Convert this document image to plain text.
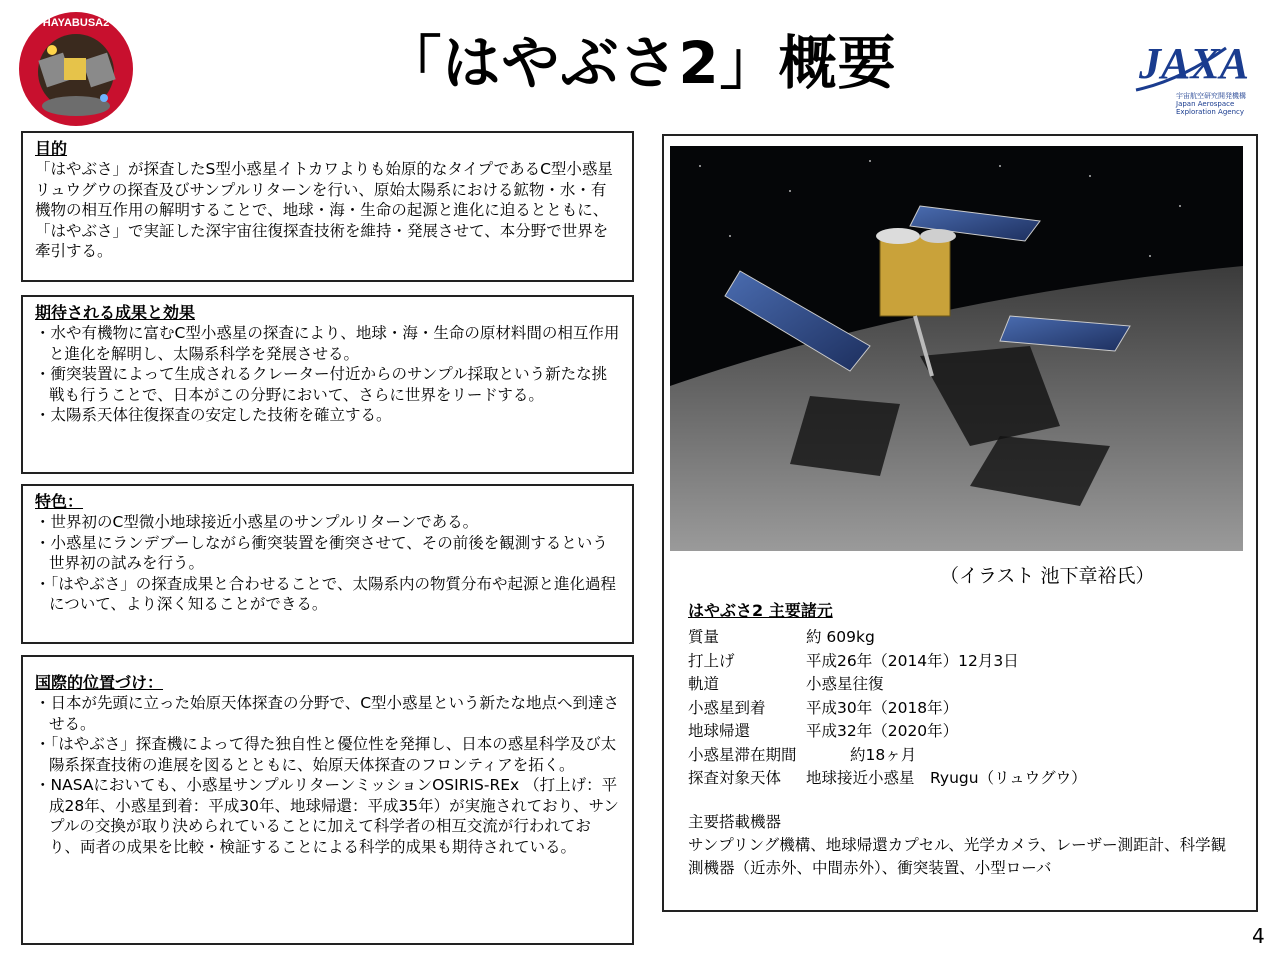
HAYABUSA2
「はやぶさ2」概要	JAXA
宇宙航空研究開発機構
Japan Aerospace Exploration Agency
目的
「はやぶさ」が探査したS型小惑星イトカワよりも始原的なタイプであるC型小惑星リュウグウの探査及びサンプルリターンを行い、原始太陽系における鉱物・水・有機物の相互作用の解明することで、地球・海・生命の起源と進化に迫るとともに、「はやぶさ」で実証した深宇宙往復探査技術を維持・発展させて、本分野で世界を牽引する。
期待される成果と効果
・水や有機物に富むC型小惑星の探査により、地球・海・生命の原材料間の相互作用と進化を解明し、太陽系科学を発展させる。
・衝突装置によって生成されるクレーター付近からのサンプル採取という新たな挑戦も行うことで、日本がこの分野において、さらに世界をリードする。
・太陽系天体往復探査の安定した技術を確立する。
特色：
・世界初のC型微小地球接近小惑星のサンプルリターンである。
・小惑星にランデブーしながら衝突装置を衝突させて、その前後を観測するという世界初の試みを行う。
・「はやぶさ」の探査成果と合わせることで、太陽系内の物質分布や起源と進化過程について、より深く知ることができる。
国際的位置づけ：
・日本が先頭に立った始原天体探査の分野で、C型小惑星という新たな地点へ到達させる。
・「はやぶさ」探査機によって得た独自性と優位性を発揮し、日本の惑星科学及び太陽系探査技術の進展を図るとともに、始原天体探査のフロンティアを拓く。
・NASAにおいても、小惑星サンプルリターンミッションOSIRIS-REx （打上げ：平成28年、小惑星到着：平成30年、地球帰還：平成35年）が実施されており、サンプルの交換が取り決められていることに加えて科学者の相互交流が行われており、両者の成果を比較・検証することによる科学的成果も期待されている。
（イラスト 池下章裕氏）
はやぶさ2 主要諸元
質量	約 609kg
打上げ	平成26年（2014年）12月3日
軌道	小惑星往復
小惑星到着	平成30年（2018年）
地球帰還	平成32年（2020年）
小惑星滞在期間	約18ヶ月
探査対象天体 地球接近小惑星　Ryugu（リュウグウ）
主要搭載機器
サンプリング機構、地球帰還カプセル、光学カメラ、レーザー測距計、科学観測機器（近赤外、中間赤外）、衝突装置、小型ローバ
4
